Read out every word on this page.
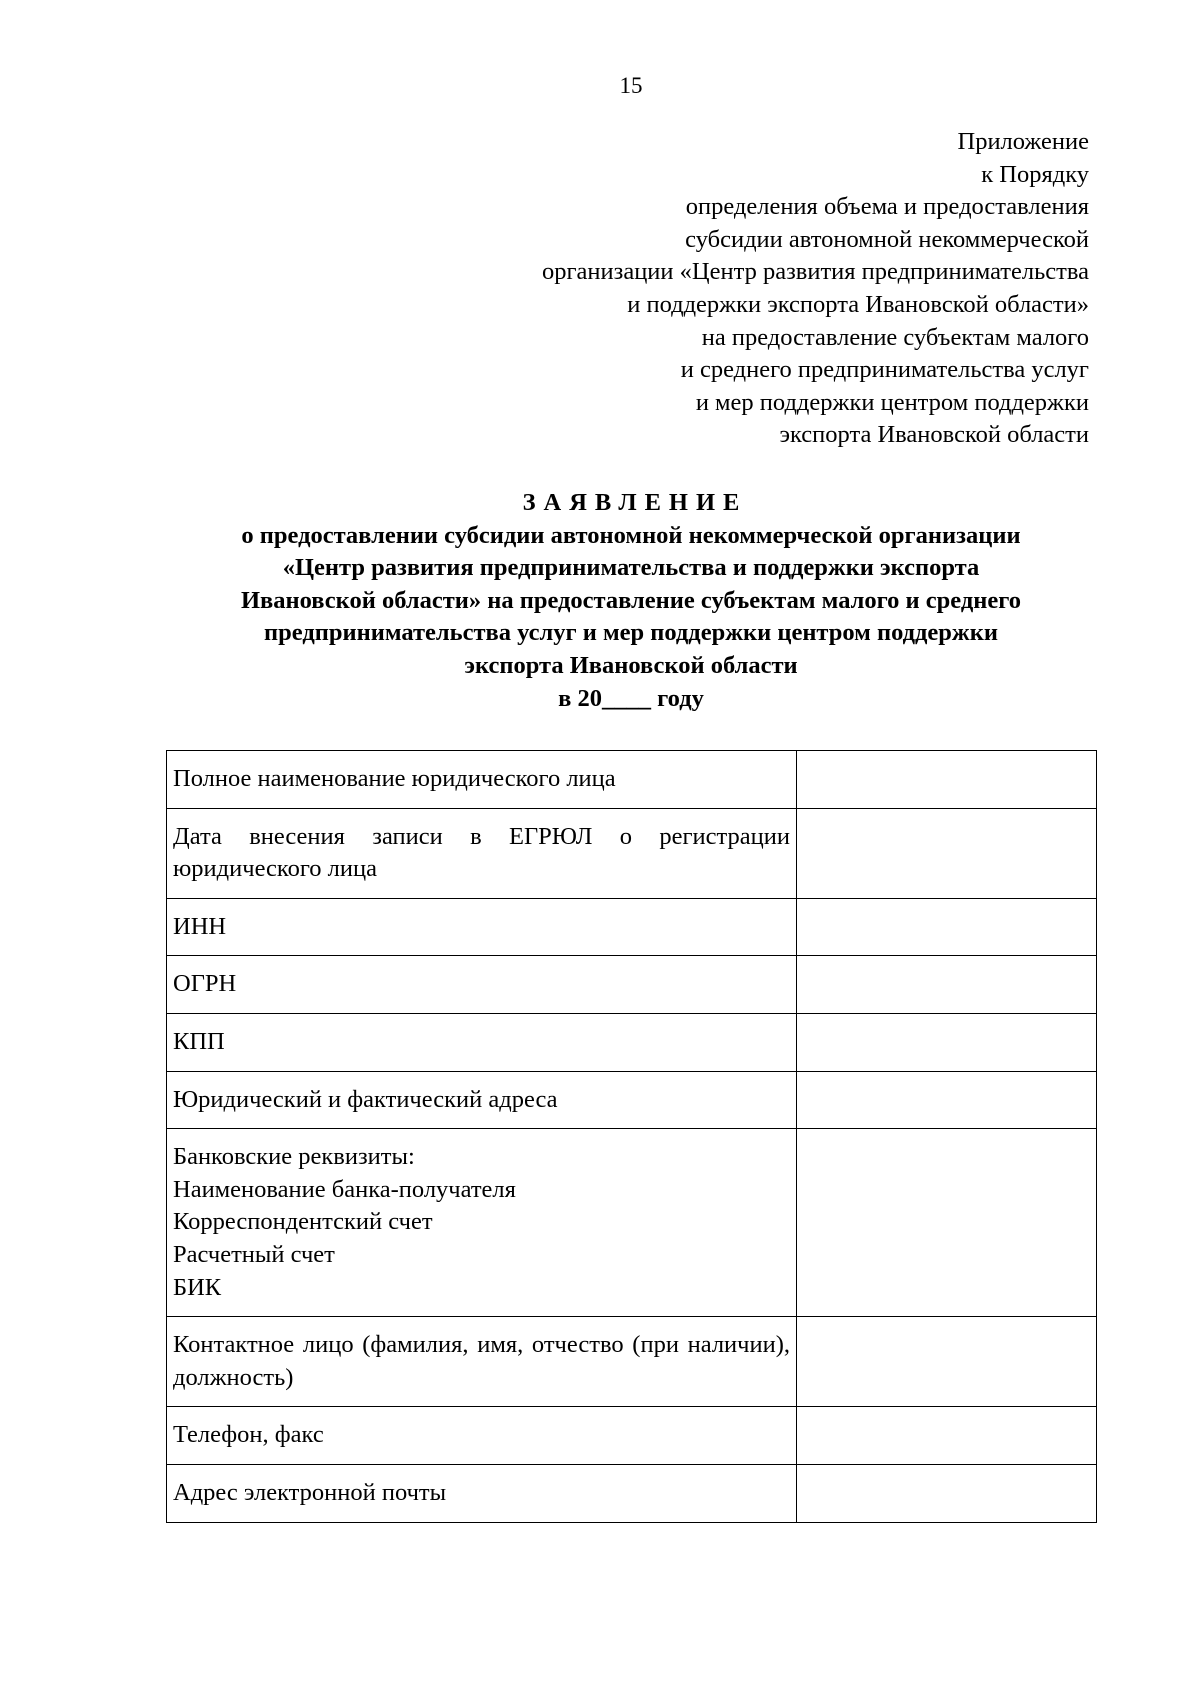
15
Приложение
к Порядку
определения объема и предоставления
субсидии автономной некоммерческой
организации «Центр развития предпринимательства
и поддержки экспорта Ивановской области»
на предоставление субъектам малого
и среднего предпринимательства услуг
и мер поддержки центром поддержки
экспорта Ивановской области
ЗАЯВЛЕНИЕ
о предоставлении субсидии автономной некоммерческой организации
«Центр развития предпринимательства и поддержки экспорта
Ивановской области» на предоставление субъектам малого и среднего
предпринимательства услуг и мер поддержки центром поддержки
экспорта Ивановской области
в 20____ году
Полное наименование юридического лица	
Дата внесения записи в ЕГРЮЛ о регистрации юридического лица	
ИНН	
ОГРН	
КПП	
Юридический и фактический адреса	

Банковские реквизиты:
Наименование банка-получателя
Корреспондентский счет
Расчетный счет
БИК	

Контактное лицо (фамилия, имя, отчество (при наличии), должность)	
Телефон, факс	
Адрес электронной почты	
